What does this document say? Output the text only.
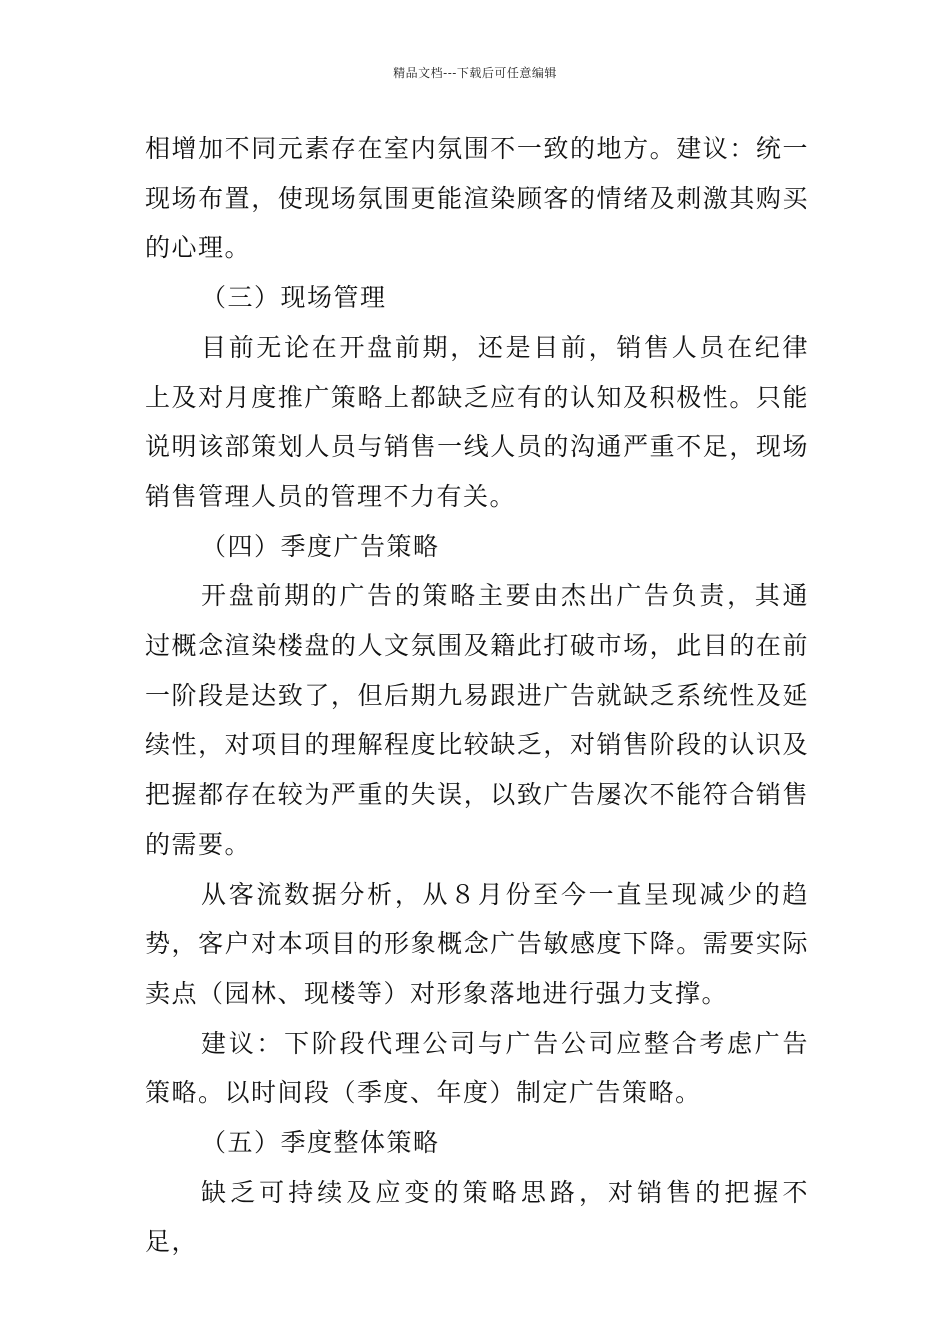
精品文档---下载后可任意编辑

相增加不同元素存在室内氛围不一致的地方。建议：统一现场布置，使现场氛围更能渲染顾客的情绪及刺激其购买的心理。

（三）现场管理

目前无论在开盘前期，还是目前，销售人员在纪律上及对月度推广策略上都缺乏应有的认知及积极性。只能说明该部策划人员与销售一线人员的沟通严重不足，现场销售管理人员的管理不力有关。

（四）季度广告策略

开盘前期的广告的策略主要由杰出广告负责，其通过概念渲染楼盘的人文氛围及籍此打破市场，此目的在前一阶段是达致了，但后期九易跟进广告就缺乏系统性及延续性，对项目的理解程度比较缺乏，对销售阶段的认识及把握都存在较为严重的失误，以致广告屡次不能符合销售的需要。

从客流数据分析，从８月份至今一直呈现减少的趋势，客户对本项目的形象概念广告敏感度下降。需要实际卖点（园林、现楼等）对形象落地进行强力支撑。

建议：下阶段代理公司与广告公司应整合考虑广告策略。以时间段（季度、年度）制定广告策略。

（五）季度整体策略

缺乏可持续及应变的策略思路，对销售的把握不足，
